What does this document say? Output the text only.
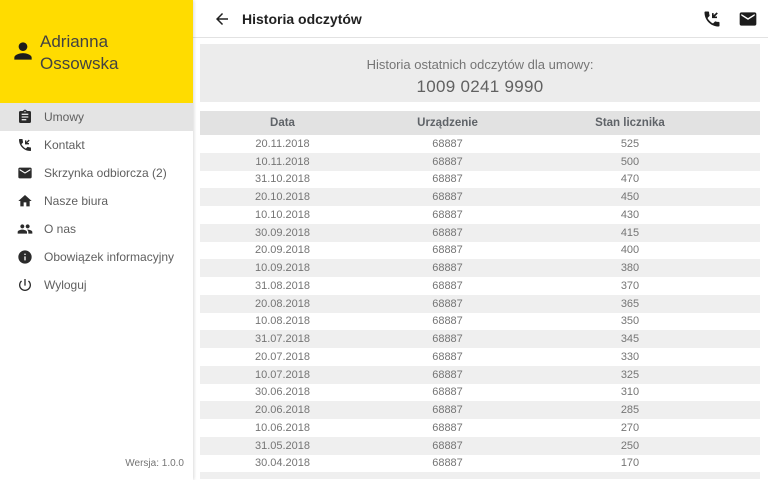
Adrianna
Ossowska
Umowy
Kontakt
Skrzynka odbiorcza (2)
Nasze biura
O nas
Obowiązek informacyjny
Wyloguj
Wersja: 1.0.0
Historia odczytów
Historia ostatnich odczytów dla umowy:
1009 0241 9990
Data	Urządzenie	Stan licznika
20.11.2018	68887	525
10.11.2018	68887	500
31.10.2018	68887	470
20.10.2018	68887	450
10.10.2018	68887	430
30.09.2018	68887	415
20.09.2018	68887	400
10.09.2018	68887	380
31.08.2018	68887	370
20.08.2018	68887	365
10.08.2018	68887	350
31.07.2018	68887	345
20.07.2018	68887	330
10.07.2018	68887	325
30.06.2018	68887	310
20.06.2018	68887	285
10.06.2018	68887	270
31.05.2018	68887	250
30.04.2018	68887	170
